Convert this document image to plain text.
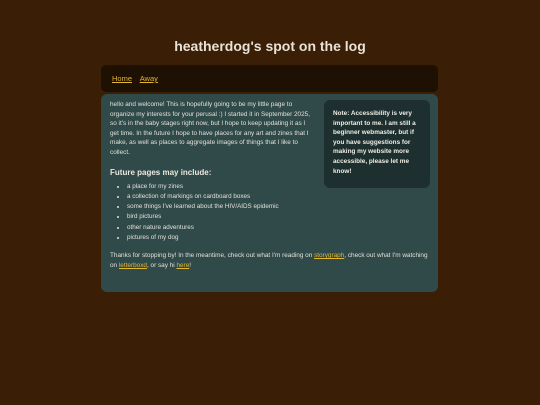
heatherdog's spot on the log
Home Away

hello and welcome! This is hopefully going to be my little page to organize my interests for your perusal :) I started it in September 2025, so it's in the baby stages right now, but I hope to keep updating it as I get time. In the future I hope to have places for any art and zines that I make, as well as places to aggregate images of things that I like to collect.

Note: Accessibility is very important to me. I am still a beginner webmaster, but if you have suggestions for making my website more accessible, please let me know!
Future pages may include:
• a place for my zines
• a collection of markings on cardboard boxes
• some things I've learned about the HIV/AIDS epidemic
• bird pictures
• other nature adventures
• pictures of my dog

Thanks for stopping by! In the meantime, check out what I'm reading on storygraph, check out what I'm watching on letterboxd, or say hi here!
